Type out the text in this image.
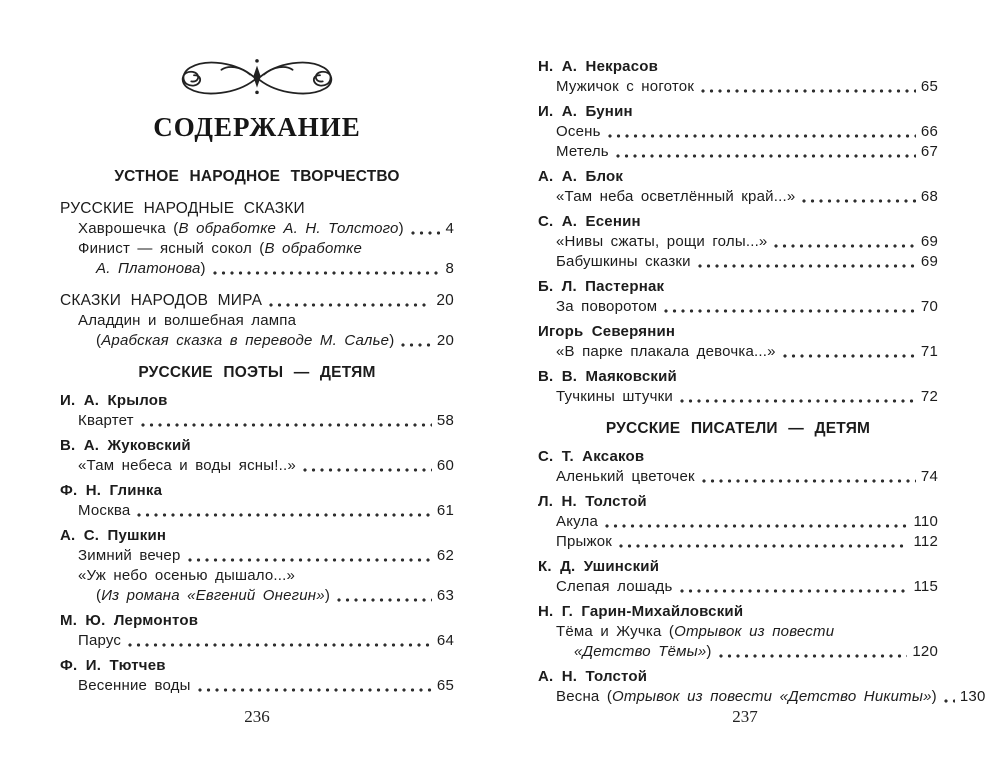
СОДЕРЖАНИЕ
УСТНОЕ НАРОДНОЕ ТВОРЧЕСТВО
РУССКИЕ НАРОДНЫЕ СКАЗКИ
Хаврошечка (В обработке А. Н. Толстого)	4
Финист — ясный сокол (В обработке
А. Платонова)	8
СКАЗКИ НАРОДОВ МИРА	20
Аладдин и волшебная лампа
(Арабская сказка в переводе М. Салье)	20
РУССКИЕ ПОЭТЫ — ДЕТЯМ
И. А. Крылов
Квартет	58
В. А. Жуковский
«Там небеса и воды ясны!..»	60
Ф. Н. Глинка
Москва	61
А. С. Пушкин
Зимний вечер	62
«Уж небо осенью дышало...»
(Из романа «Евгений Онегин»)	63
М. Ю. Лермонтов
Парус	64
Ф. И. Тютчев
Весенние воды	65
Н. А. Некрасов
Мужичок с ноготок	65
И. А. Бунин
Осень	66
Метель	67
А. А. Блок
«Там неба осветлённый край...»	68
С. А. Есенин
«Нивы сжаты, рощи голы...»	69
Бабушкины сказки	69
Б. Л. Пастернак
За поворотом	70
Игорь Северянин
«В парке плакала девочка...»	71
В. В. Маяковский
Тучкины штучки	72
РУССКИЕ ПИСАТЕЛИ — ДЕТЯМ
С. Т. Аксаков
Аленький цветочек	74
Л. Н. Толстой
Акула	110
Прыжок	112
К. Д. Ушинский
Слепая лошадь	115
Н. Г. Гарин-Михайловский
Тёма и Жучка (Отрывок из повести
«Детство Тёмы»)	120
А. Н. Толстой
Весна (Отрывок из повести «Детство Никиты») 130
236	237
